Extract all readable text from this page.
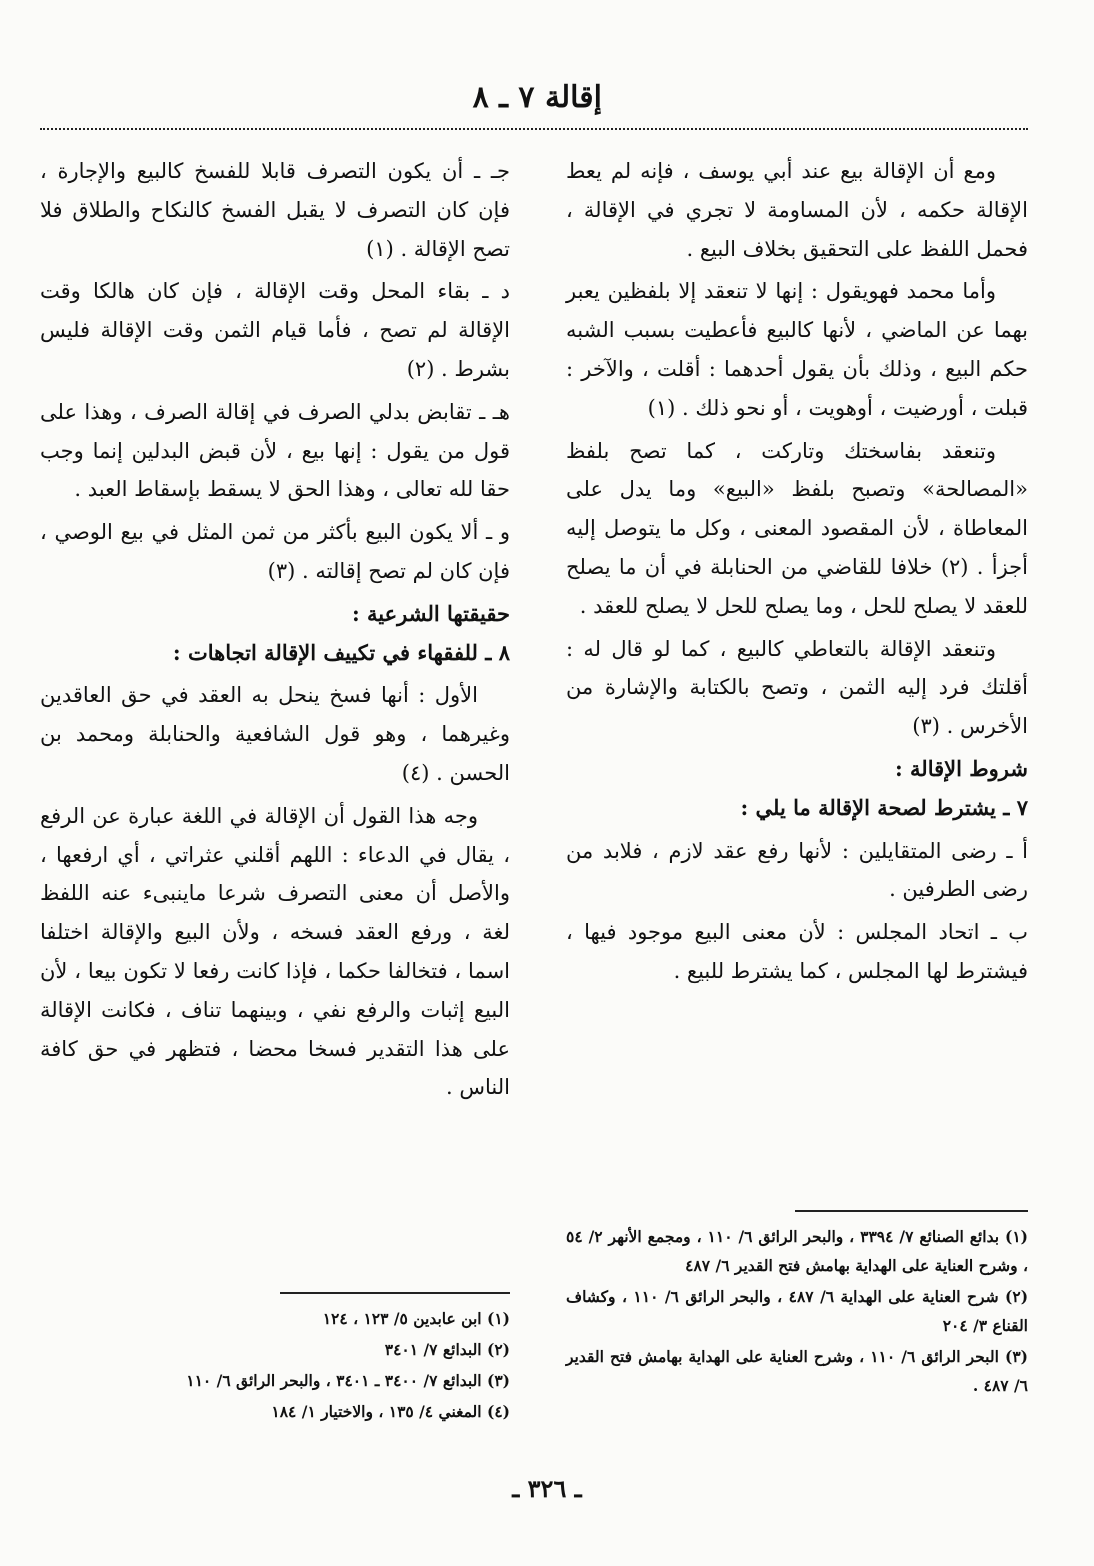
إقالة ٧ ـ ٨

ومع أن الإقالة بيع عند أبي يوسف ، فإنه لم يعط الإقالة حكمه ، لأن المساومة لا تجري في الإقالة ، فحمل اللفظ على التحقيق بخلاف البيع .

وأما محمد فهويقول : إنها لا تنعقد إلا بلفظين يعبر بهما عن الماضي ، لأنها كالبيع فأعطيت بسبب الشبه حكم البيع ، وذلك بأن يقول أحدهما : أقلت ، والآخر : قبلت ، أورضيت ، أوهويت ، أو نحو ذلك . (١)

وتنعقد بفاسختك وتاركت ، كما تصح بلفظ «المصالحة» وتصبح بلفظ «البيع» وما يدل على المعاطاة ، لأن المقصود المعنى ، وكل ما يتوصل إليه أجزأ . (٢) خلافا للقاضي من الحنابلة في أن ما يصلح للعقد لا يصلح للحل ، وما يصلح للحل لا يصلح للعقد .

وتنعقد الإقالة بالتعاطي كالبيع ، كما لو قال له : أقلتك فرد إليه الثمن ، وتصح بالكتابة والإشارة من الأخرس . (٣)

شروط الإقالة :

٧ ـ يشترط لصحة الإقالة ما يلي :

أ ـ رضى المتقايلين : لأنها رفع عقد لازم ، فلابد من رضى الطرفين .

ب ـ اتحاد المجلس : لأن معنى البيع موجود فيها ، فيشترط لها المجلس ، كما يشترط للبيع .

جـ ـ أن يكون التصرف قابلا للفسخ كالبيع والإجارة ، فإن كان التصرف لا يقبل الفسخ كالنكاح والطلاق فلا تصح الإقالة . (١)

د ـ بقاء المحل وقت الإقالة ، فإن كان هالكا وقت الإقالة لم تصح ، فأما قيام الثمن وقت الإقالة فليس بشرط . (٢)

هـ ـ تقابض بدلي الصرف في إقالة الصرف ، وهذا على قول من يقول : إنها بيع ، لأن قبض البدلين إنما وجب حقا لله تعالى ، وهذا الحق لا يسقط بإسقاط العبد .

و ـ ألا يكون البيع بأكثر من ثمن المثل في بيع الوصي ، فإن كان لم تصح إقالته . (٣)

حقيقتها الشرعية :

٨ ـ للفقهاء في تكييف الإقالة اتجاهات :

الأول : أنها فسخ ينحل به العقد في حق العاقدين وغيرهما ، وهو قول الشافعية والحنابلة ومحمد بن الحسن . (٤)

وجه هذا القول أن الإقالة في اللغة عبارة عن الرفع ، يقال في الدعاء : اللهم أقلني عثراتي ، أي ارفعها ، والأصل أن معنى التصرف شرعا ماينبىء عنه اللفظ لغة ، ورفع العقد فسخه ، ولأن البيع والإقالة اختلفا اسما ، فتخالفا حكما ، فإذا كانت رفعا لا تكون بيعا ، لأن البيع إثبات والرفع نفي ، وبينهما تناف ، فكانت الإقالة على هذا التقدير فسخا محضا ، فتظهر في حق كافة الناس .

(١) بدائع الصنائع ٧/ ٣٣٩٤ ، والبحر الرائق ٦/ ١١٠ ، ومجمع الأنهر ٢/ ٥٤ ، وشرح العناية على الهداية بهامش فتح القدير ٦/ ٤٨٧
(٢) شرح العناية على الهداية ٦/ ٤٨٧ ، والبحر الرائق ٦/ ١١٠ ، وكشاف القناع ٣/ ٢٠٤
(٣) البحر الرائق ٦/ ١١٠ ، وشرح العناية على الهداية بهامش فتح القدير ٦/ ٤٨٧ .
(١) ابن عابدين ٥/ ١٢٣ ، ١٢٤
(٢) البدائع ٧/ ٣٤٠١
(٣) البدائع ٧/ ٣٤٠٠ ـ ٣٤٠١ ، والبحر الرائق ٦/ ١١٠
(٤) المغني ٤/ ١٣٥ ، والاختيار ١/ ١٨٤
ـ ٣٢٦ ـ
